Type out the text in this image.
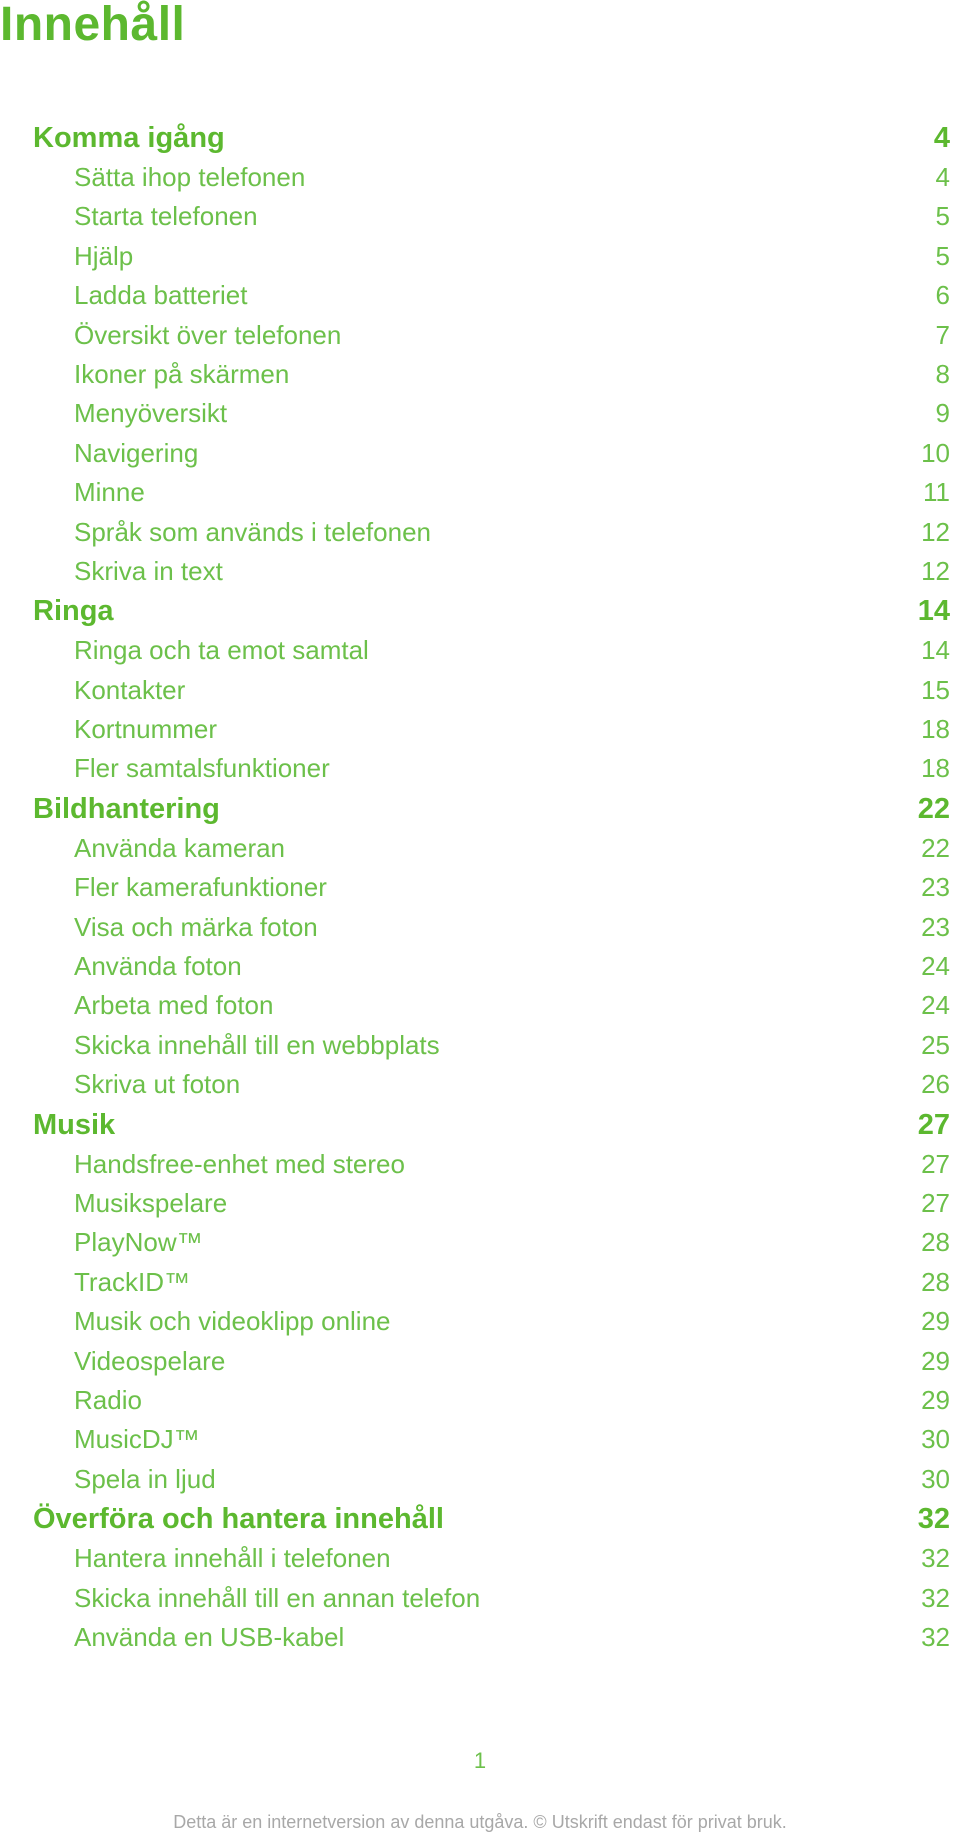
Innehåll
Komma igång	4
Sätta ihop telefonen	4
Starta telefonen	5
Hjälp	5
Ladda batteriet	6
Översikt över telefonen	7
Ikoner på skärmen	8
Menyöversikt	9
Navigering	10
Minne	11
Språk som används i telefonen	12
Skriva in text	12
Ringa	14
Ringa och ta emot samtal	14
Kontakter	15
Kortnummer	18
Fler samtalsfunktioner	18
Bildhantering	22
Använda kameran	22
Fler kamerafunktioner	23
Visa och märka foton	23
Använda foton	24
Arbeta med foton	24
Skicka innehåll till en webbplats	25
Skriva ut foton	26
Musik	27
Handsfree-enhet med stereo	27
Musikspelare	27
PlayNow™	28
TrackID™	28
Musik och videoklipp online	29
Videospelare	29
Radio	29
MusicDJ™	30
Spela in ljud	30
Överföra och hantera innehåll	32
Hantera innehåll i telefonen	32
Skicka innehåll till en annan telefon	32
Använda en USB-kabel	32
1
Detta är en internetversion av denna utgåva. © Utskrift endast för privat bruk.
